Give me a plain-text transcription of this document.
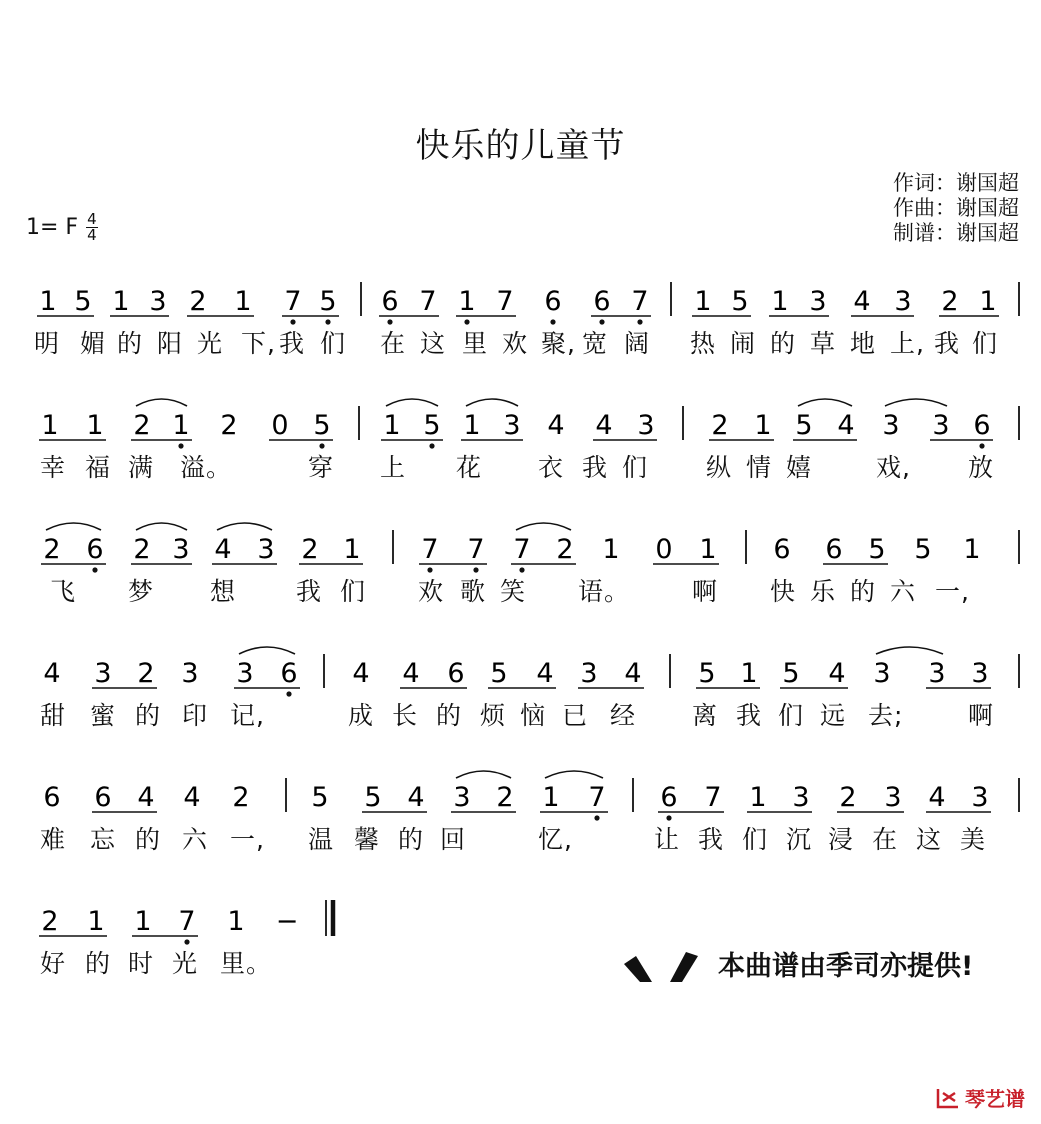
快乐的儿童节
作词：谢国超
作曲：谢国超
制谱：谢国超
1= F $\frac{4}{4}$
1 5 1 3 2 1 7 5 6 7 1 7 6 6 7 1 5 1 3 4 3 2 1
明 媚 的 阳 光 下, 我 们 在 这 里 欢 聚, 宽 阔 热 闹 的 草 地 上, 我 们
1 1 2 1 2 0 5 1 5 1 3 4 4 3 2 1 5 4 3 3 6
幸 福 满 溢。	穿 上 花 衣 我 们 纵 情 嬉	戏, 放
2 6 2 3 4 3 2 1 7 7 7 2 1 0 1 6 6 5 5 1
飞 梦 想 我 们 欢 歌 笑 语。 啊 快 乐 的 六 一,
4 3 2 3 3 6 4 4 6 5 4 3 4 5 1 5 4 3 3 3
甜 蜜 的 印 记,	成 长 的 烦 恼 已 经 离 我 们 远 去;	啊
6 6 4 4 2 5 5 4 3 2 1 7 6 7 1 3 2 3 4 3
难 忘 的 六 一, 温 馨 的 回	忆,	让 我 们 沉 浸 在 这 美
2 1 1 7 1 −
好 的 时 光 里。	本曲谱由季司亦提供!
琴艺谱
